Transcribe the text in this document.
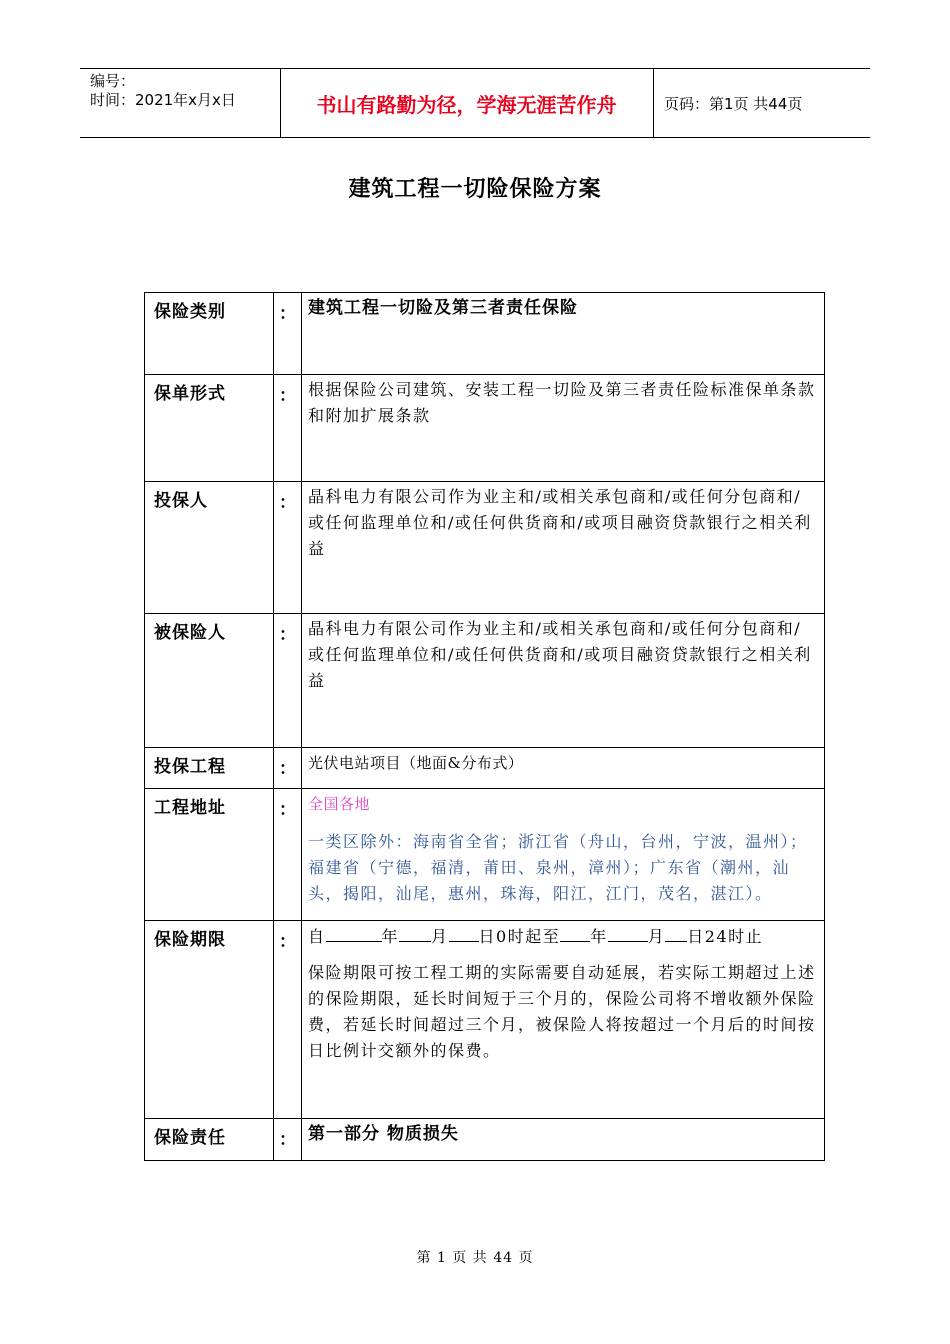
编号：
时间：2021年x月x日	书山有路勤为径，学海无涯苦作舟	页码：第1页 共44页
建筑工程一切险保险方案
保险类别	：	建筑工程一切险及第三者责任保险
保单形式	：	根据保险公司建筑、安装工程一切险及第三者责任险标准保单条款和附加扩展条款
投保人	：	晶科电力有限公司作为业主和/或相关承包商和/或任何分包商和/或任何监理单位和/或任何供货商和/或项目融资贷款银行之相关利益
被保险人	：	晶科电力有限公司作为业主和/或相关承包商和/或任何分包商和/或任何监理单位和/或任何供货商和/或项目融资贷款银行之相关利益
投保工程	：	光伏电站项目（地面&分布式）
工程地址	：	全国各地
一类区除外：海南省全省；浙江省（舟山，台州，宁波，温州）；福建省（宁德，福清，莆田、泉州，漳州）；广东省（潮州，汕头，揭阳，汕尾，惠州，珠海，阳江，江门，茂名，湛江）。

保险期限	：	自 年 月 日0时起至 年 月 日24时止
保险期限可按工程工期的实际需要自动延展，若实际工期超过上述的保险期限，延长时间短于三个月的，保险公司将不增收额外保险费，若延长时间超过三个月，被保险人将按超过一个月后的时间按日比例计交额外的保费。

保险责任	：	第一部分 物质损失
第 1 页 共 44 页
